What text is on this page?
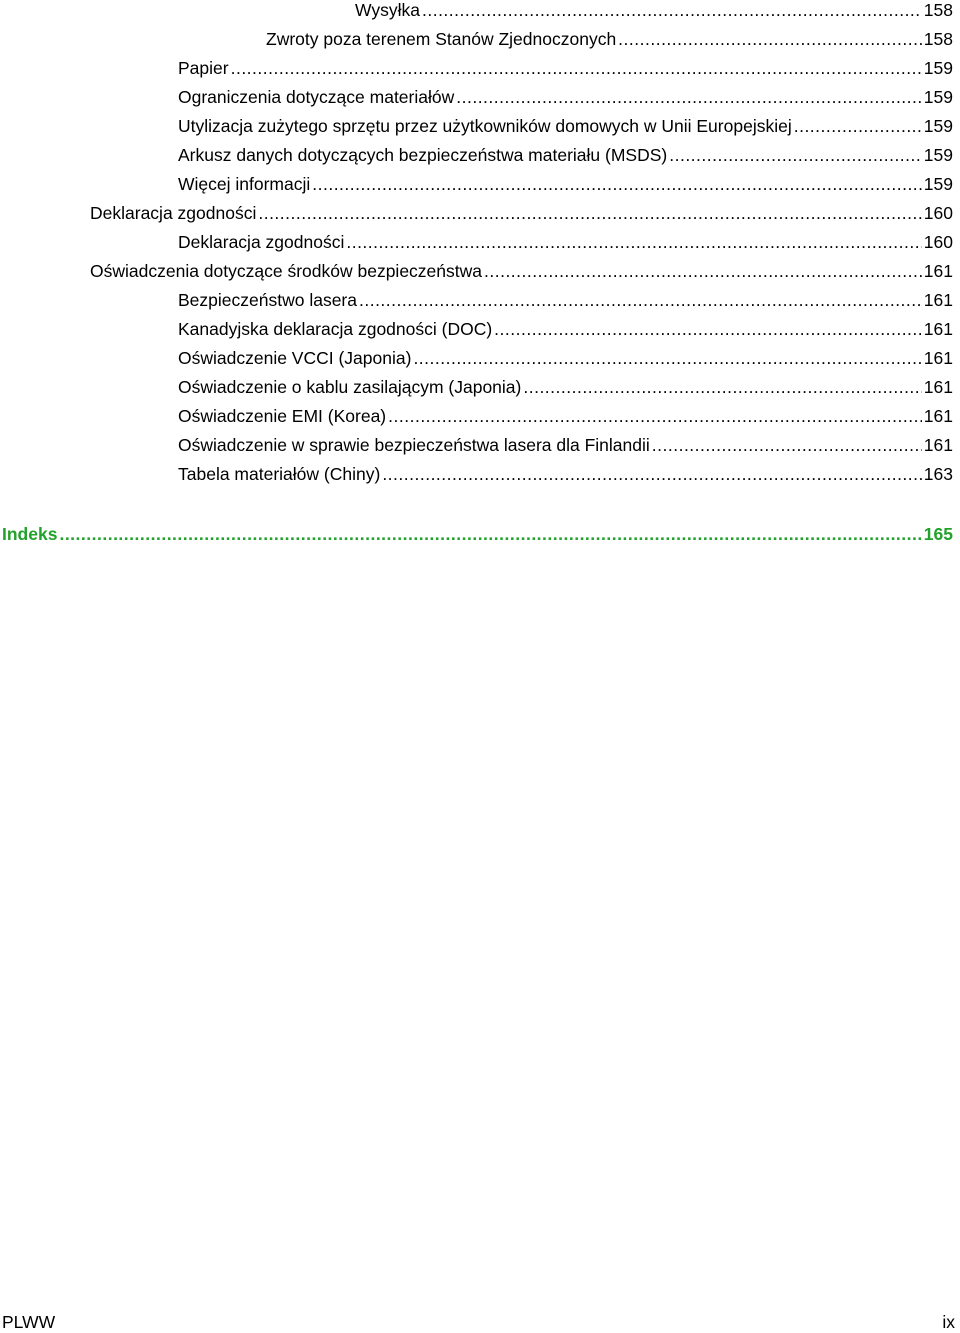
Wysyłka .....	158
Zwroty poza terenem Stanów Zjednoczonych .....	158
Papier .....	159
Ograniczenia dotyczące materiałów .....	159
Utylizacja zużytego sprzętu przez użytkowników domowych w Unii Europejskiej .....	159
Arkusz danych dotyczących bezpieczeństwa materiału (MSDS) .....	159
Więcej informacji .....	159
Deklaracja zgodności .....	160
Deklaracja zgodności .....	160
Oświadczenia dotyczące środków bezpieczeństwa .....	161
Bezpieczeństwo lasera .....	161
Kanadyjska deklaracja zgodności (DOC) .....	161
Oświadczenie VCCI (Japonia) .....	161
Oświadczenie o kablu zasilającym (Japonia) .....	161
Oświadczenie EMI (Korea) .....	161
Oświadczenie w sprawie bezpieczeństwa lasera dla Finlandii .....	161
Tabela materiałów (Chiny) .....	163
Indeks .....	165
PLWW	ix
